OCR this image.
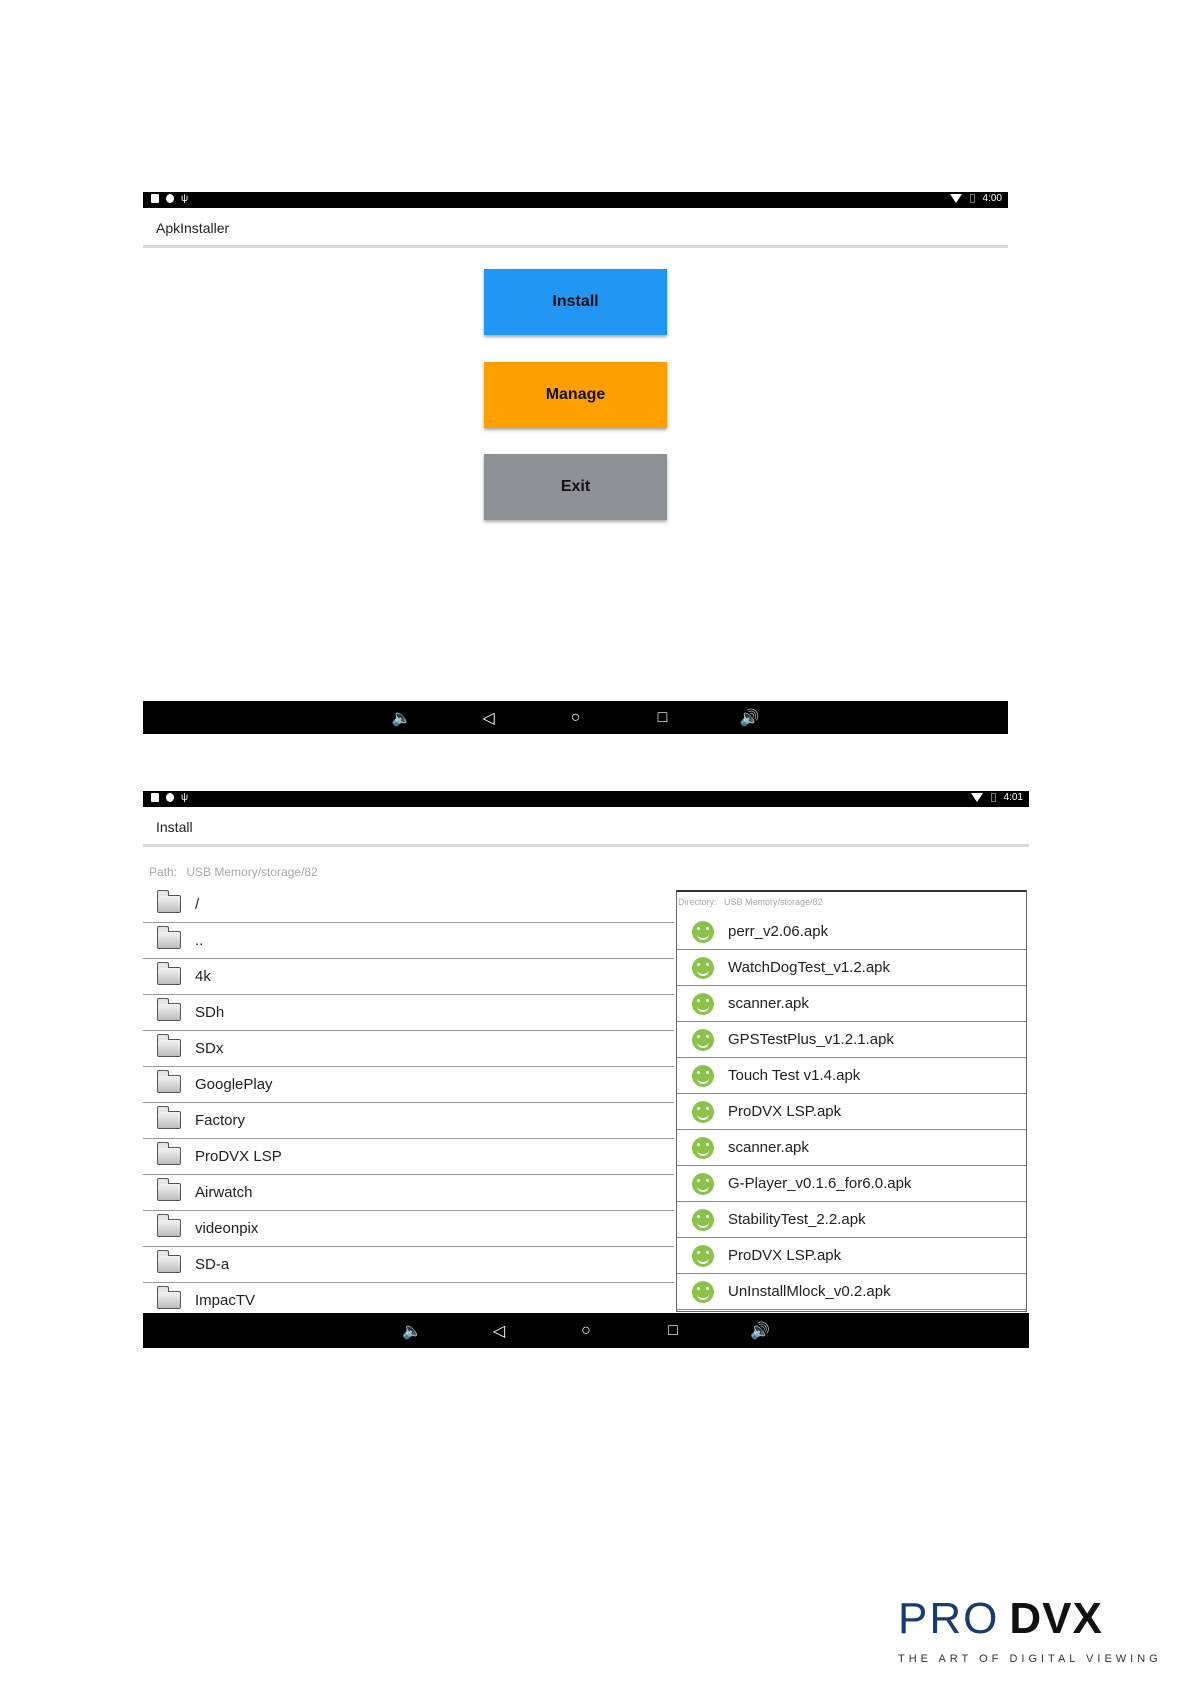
ψ	4:00
ApkInstaller
Install
Manage
Exit
🔈	◁	○	□	🔊
ψ	4:01
Install
Path: USB Memory/storage/82
/
..
4k
SDh
SDx
GooglePlay
Factory
ProDVX LSP
Airwatch
videonpix
SD-a
ImpacTV
Directory: USB Memory/storage/82
perr_v2.06.apk
WatchDogTest_v1.2.apk
scanner.apk
GPSTestPlus_v1.2.1.apk
Touch Test v1.4.apk
ProDVX LSP.apk
scanner.apk
G-Player_v0.1.6_for6.0.apk
StabilityTest_2.2.apk
ProDVX LSP.apk
UnInstallMlock_v0.2.apk
🔈	◁	○	□	🔊
PRO DVX
THE ART OF DIGITAL VIEWING
